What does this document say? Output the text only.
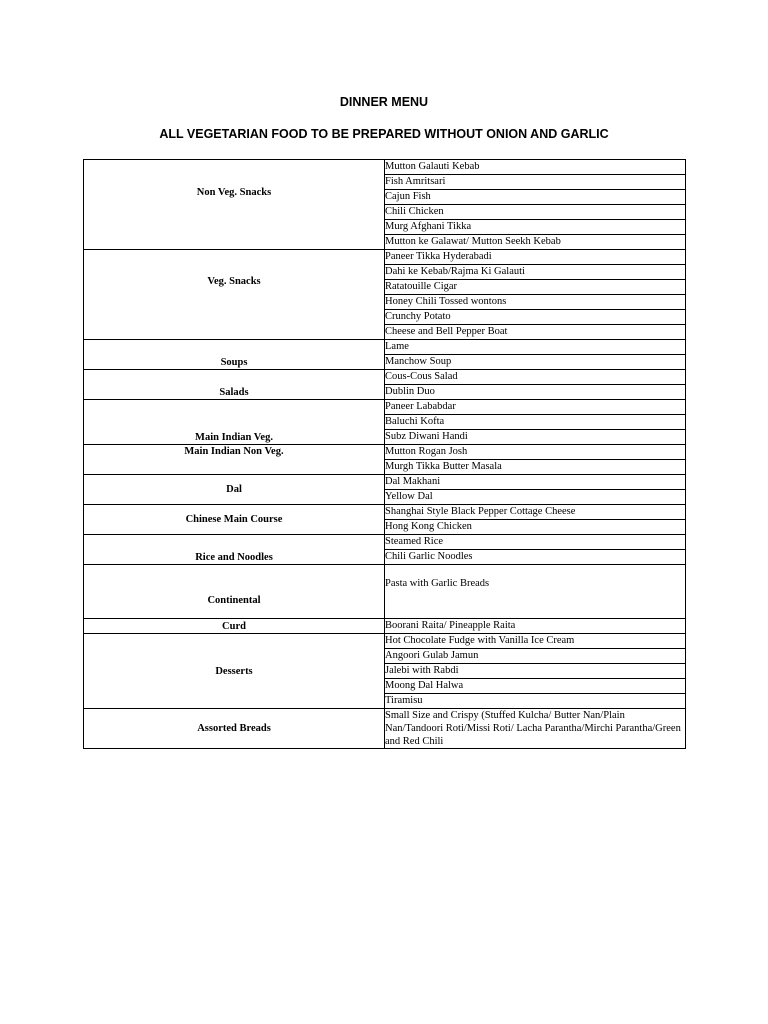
DINNER MENU
ALL VEGETARIAN FOOD TO BE PREPARED WITHOUT ONION AND GARLIC
Non Veg. Snacks	Mutton Galauti Kebab
	Fish Amritsari
	Cajun Fish
	Chili Chicken
	Murg Afghani Tikka
	Mutton ke Galawat/ Mutton Seekh Kebab
Veg. Snacks	Paneer Tikka Hyderabadi
	Dahi ke Kebab/Rajma Ki Galauti
	Ratatouille Cigar
	Honey Chili Tossed wontons
	Crunchy Potato
	Cheese and Bell Pepper Boat
Soups	Lame
	Manchow Soup
Salads	Cous-Cous Salad
	Dublin Duo
Main Indian Veg.	Paneer Lababdar
	Baluchi Kofta
	Subz Diwani Handi
Main Indian Non Veg.	Mutton Rogan Josh
	Murgh Tikka Butter Masala
Dal	Dal Makhani
	Yellow Dal
Chinese Main Course	Shanghai Style Black Pepper Cottage Cheese
	Hong Kong Chicken
Rice and Noodles	Steamed Rice
	Chili Garlic Noodles
Continental	Pasta with Garlic Breads
Curd	Boorani Raita/ Pineapple Raita
Desserts	Hot Chocolate Fudge with Vanilla Ice Cream
	Angoori Gulab Jamun
	Jalebi with Rabdi
	Moong Dal Halwa
	Tiramisu
Assorted Breads	Small Size and Crispy (Stuffed Kulcha/ Butter Nan/Plain Nan/Tandoori Roti/Missi Roti/ Lacha Parantha/Mirchi Parantha/Green and Red Chili
